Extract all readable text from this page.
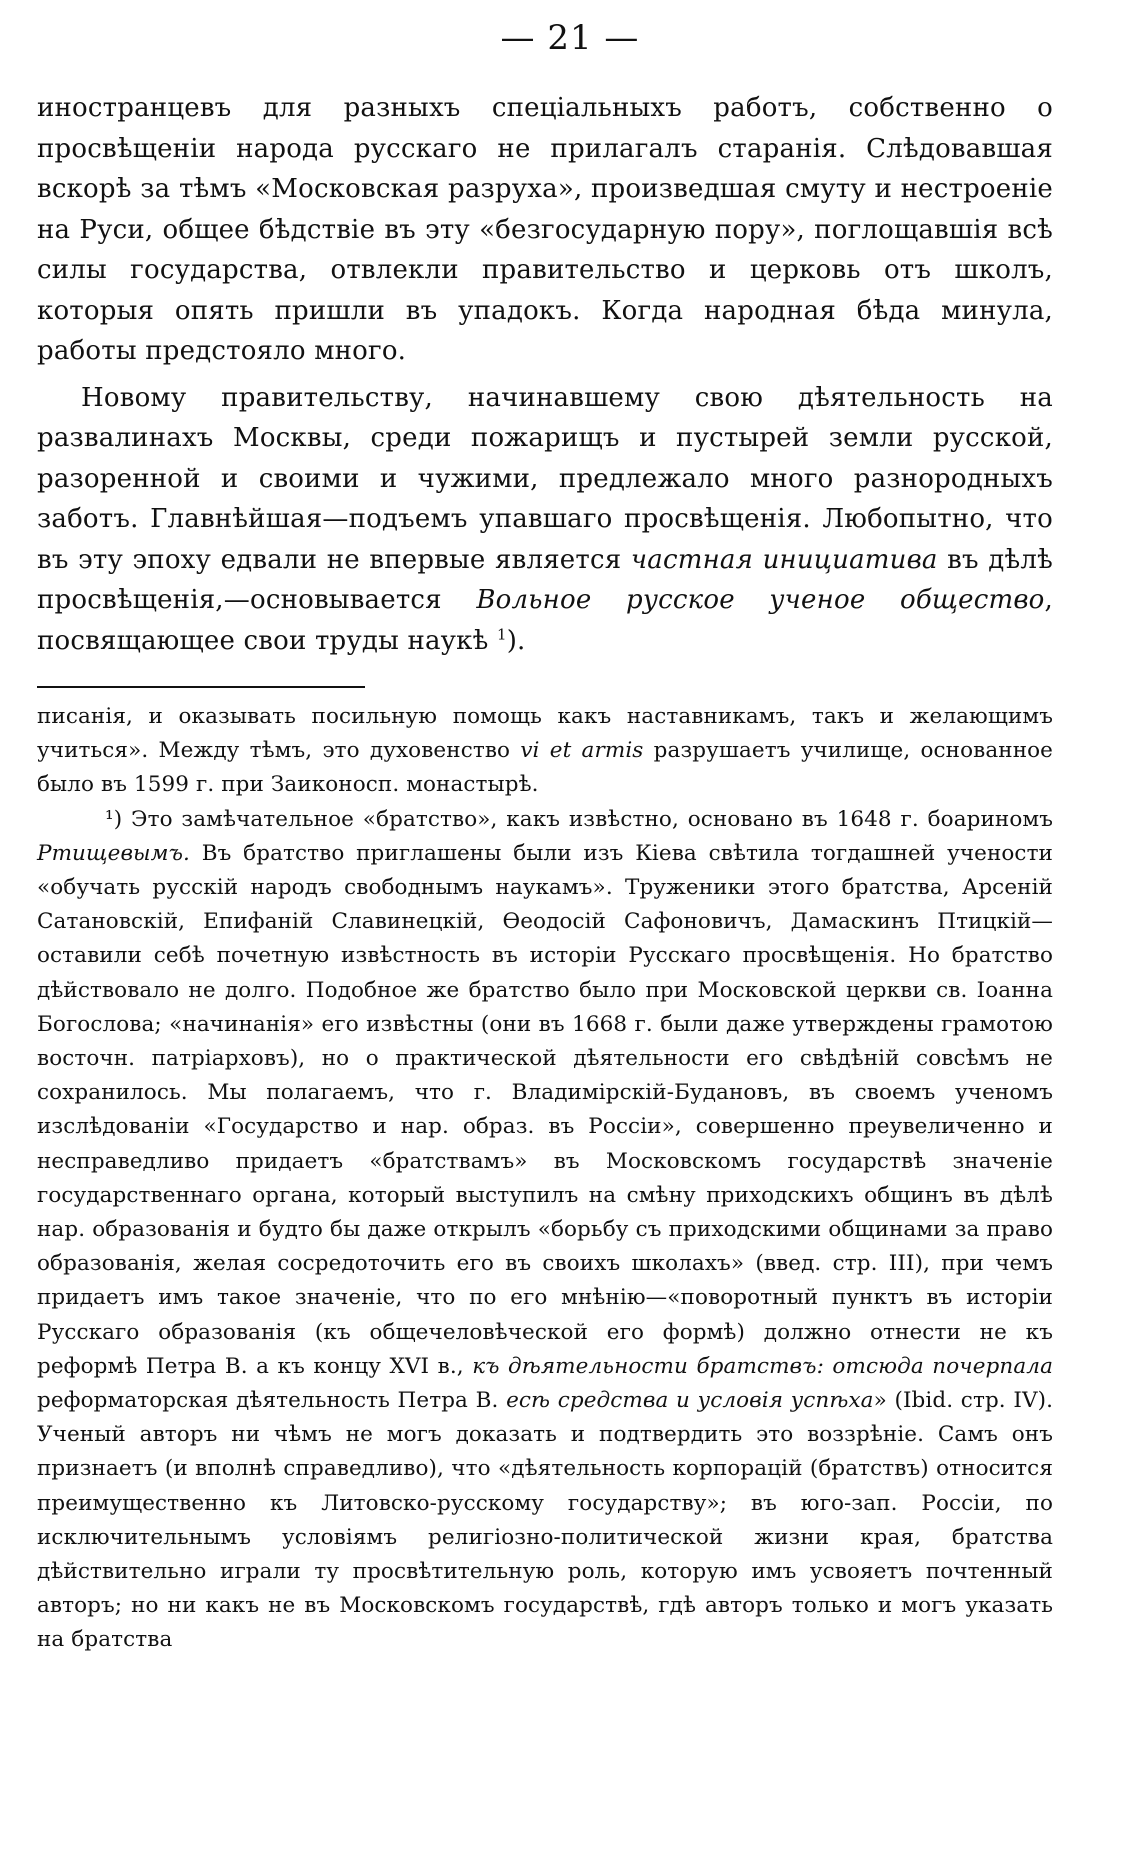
— 21 —

иностранцевъ для разныхъ спеціальныхъ работъ, собственно о просвѣщеніи народа русскаго не прилагалъ старанія. Слѣдовавшая вскорѣ за тѣмъ «Московская разруха», произведшая смуту и нестроеніе на Руси, общее бѣдствіе въ эту «безгосударную пору», поглощавшія всѣ силы государства, отвлекли правительство и церковь отъ школъ, которыя опять пришли въ упадокъ. Когда народная бѣда минула, работы предстояло много.

Новому правительству, начинавшему свою дѣятельность на развалинахъ Москвы, среди пожарищъ и пустырей земли русской, разоренной и своими и чужими, предлежало много разнородныхъ заботъ. Главнѣйшая—подъемъ упавшаго просвѣщенія. Любопытно, что въ эту эпоху едвали не впервые является частная инициатива въ дѣлѣ просвѣщенія,—основывается Вольное русское ученое общество, посвящающее свои труды наукѣ $^1$).

писанія, и оказывать посильную помощь какъ наставникамъ, такъ и желающимъ учиться». Между тѣмъ, это духовенство vi et armis разрушаетъ училище, основанное было въ 1599 г. при Заиконосп. монастырѣ.

¹) Это замѣчательное «братство», какъ извѣстно, основано въ 1648 г. боариномъ Ртищевымъ. Въ братство приглашены были изъ Кіева свѣтила тогдашней учености «обучать русскій народъ свободнымъ наукамъ». Труженики этого братства, Арсеній Сатановскій, Епифаній Славинецкій, Ѳеодосій Сафоновичъ, Дамаскинъ Птицкій—оставили себѣ почетную извѣстность въ исторіи Русскаго просвѣщенія. Но братство дѣйствовало не долго. Подобное же братство было при Московской церкви св. Іоанна Богослова; «начинанія» его извѣстны (они въ 1668 г. были даже утверждены грамотою восточн. патріарховъ), но о практической дѣятельности его свѣдѣній совсѣмъ не сохранилось. Мы полагаемъ, что г. Владимірскій-Будановъ, въ своемъ ученомъ изслѣдованіи «Государство и нар. образ. въ Россіи», совершенно преувеличенно и несправедливо придаетъ «братствамъ» въ Московскомъ государствѣ значеніе государственнаго органа, который выступилъ на смѣну приходскихъ общинъ въ дѣлѣ нар. образованія и будто бы даже открылъ «борьбу съ приходскими общинами за право образованія, желая сосредоточить его въ своихъ школахъ» (введ. стр. III), при чемъ придаетъ имъ такое значеніе, что по его мнѣнію—«поворотный пунктъ въ исторіи Русскаго образованія (къ общечеловѣческой его формѣ) должно отнести не къ реформѣ Петра В. а къ концу XVI в., къ дѣятельности братствъ: отсюда почерпала реформаторская дѣятельность Петра В. есѣ средства и условія успѣха» (Ibid. стр. IV). Ученый авторъ ни чѣмъ не могъ доказать и подтвердить это воззрѣніе. Самъ онъ признаетъ (и вполнѣ справедливо), что «дѣятельность корпорацій (братствъ) относится преимущественно къ Литовско-русскому государству»; въ юго-зап. Россіи, по исключительнымъ условіямъ религіозно-политической жизни края, братства дѣйствительно играли ту просвѣтительную роль, которую имъ усвояетъ почтенный авторъ; но ни какъ не въ Московскомъ государствѣ, гдѣ авторъ только и могъ указать на братства
